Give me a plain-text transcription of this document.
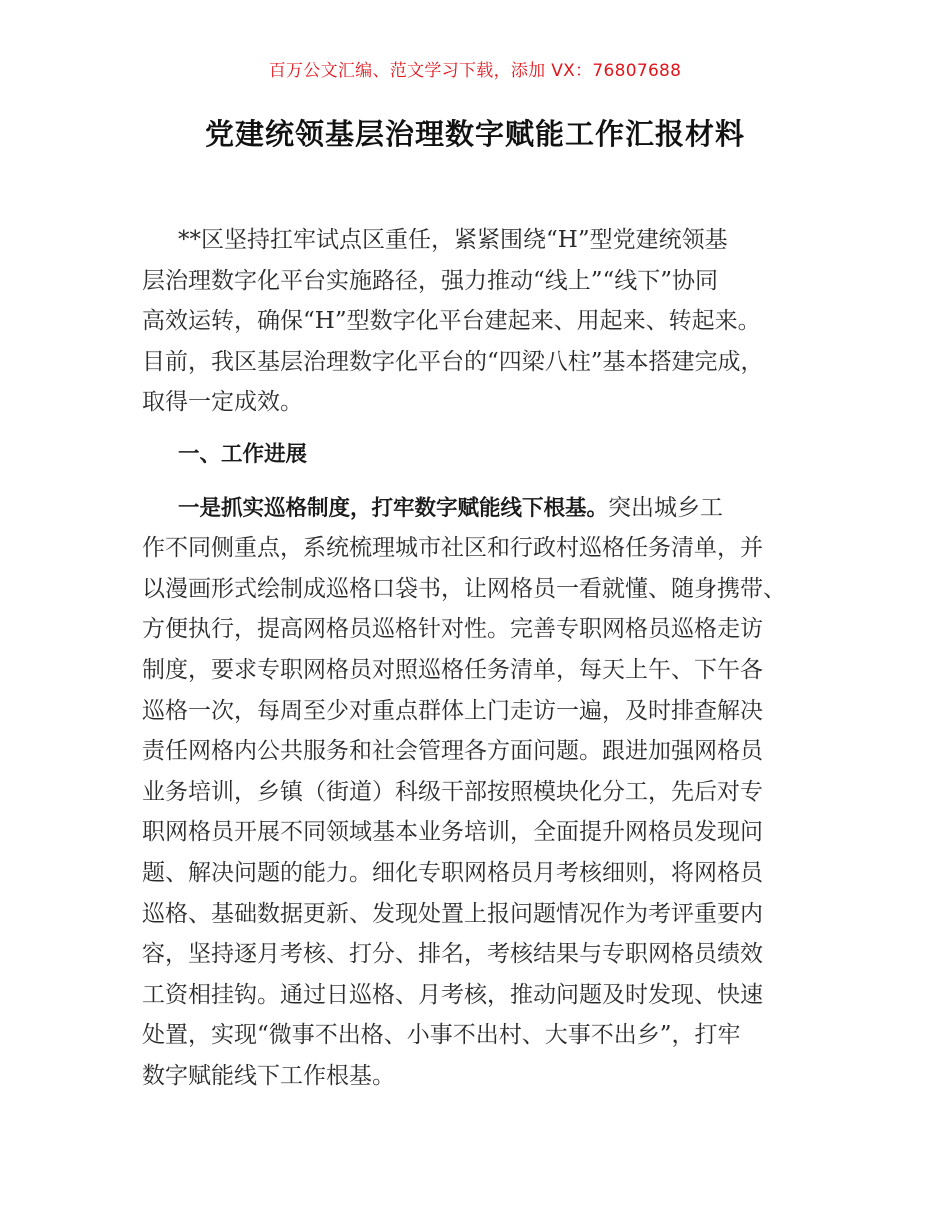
百万公文汇编、范文学习下载，添加 VX：76807688
党建统领基层治理数字赋能工作汇报材料
**区坚持扛牢试点区重任，紧紧围绕“H”型党建统领基
层治理数字化平台实施路径，强力推动“线上”“线下”协同
高效运转，确保“H”型数字化平台建起来、用起来、转起来。
目前，我区基层治理数字化平台的“四梁八柱”基本搭建完成，
取得一定成效。
一、工作进展
一是抓实巡格制度，打牢数字赋能线下根基。突出城乡工
作不同侧重点，系统梳理城市社区和行政村巡格任务清单，并
以漫画形式绘制成巡格口袋书，让网格员一看就懂、随身携带、
方便执行，提高网格员巡格针对性。完善专职网格员巡格走访
制度，要求专职网格员对照巡格任务清单，每天上午、下午各
巡格一次，每周至少对重点群体上门走访一遍，及时排查解决
责任网格内公共服务和社会管理各方面问题。跟进加强网格员
业务培训，乡镇（街道）科级干部按照模块化分工，先后对专
职网格员开展不同领域基本业务培训，全面提升网格员发现问
题、解决问题的能力。细化专职网格员月考核细则，将网格员
巡格、基础数据更新、发现处置上报问题情况作为考评重要内
容，坚持逐月考核、打分、排名，考核结果与专职网格员绩效
工资相挂钩。通过日巡格、月考核，推动问题及时发现、快速
处置，实现“微事不出格、小事不出村、大事不出乡”，打牢
数字赋能线下工作根基。
